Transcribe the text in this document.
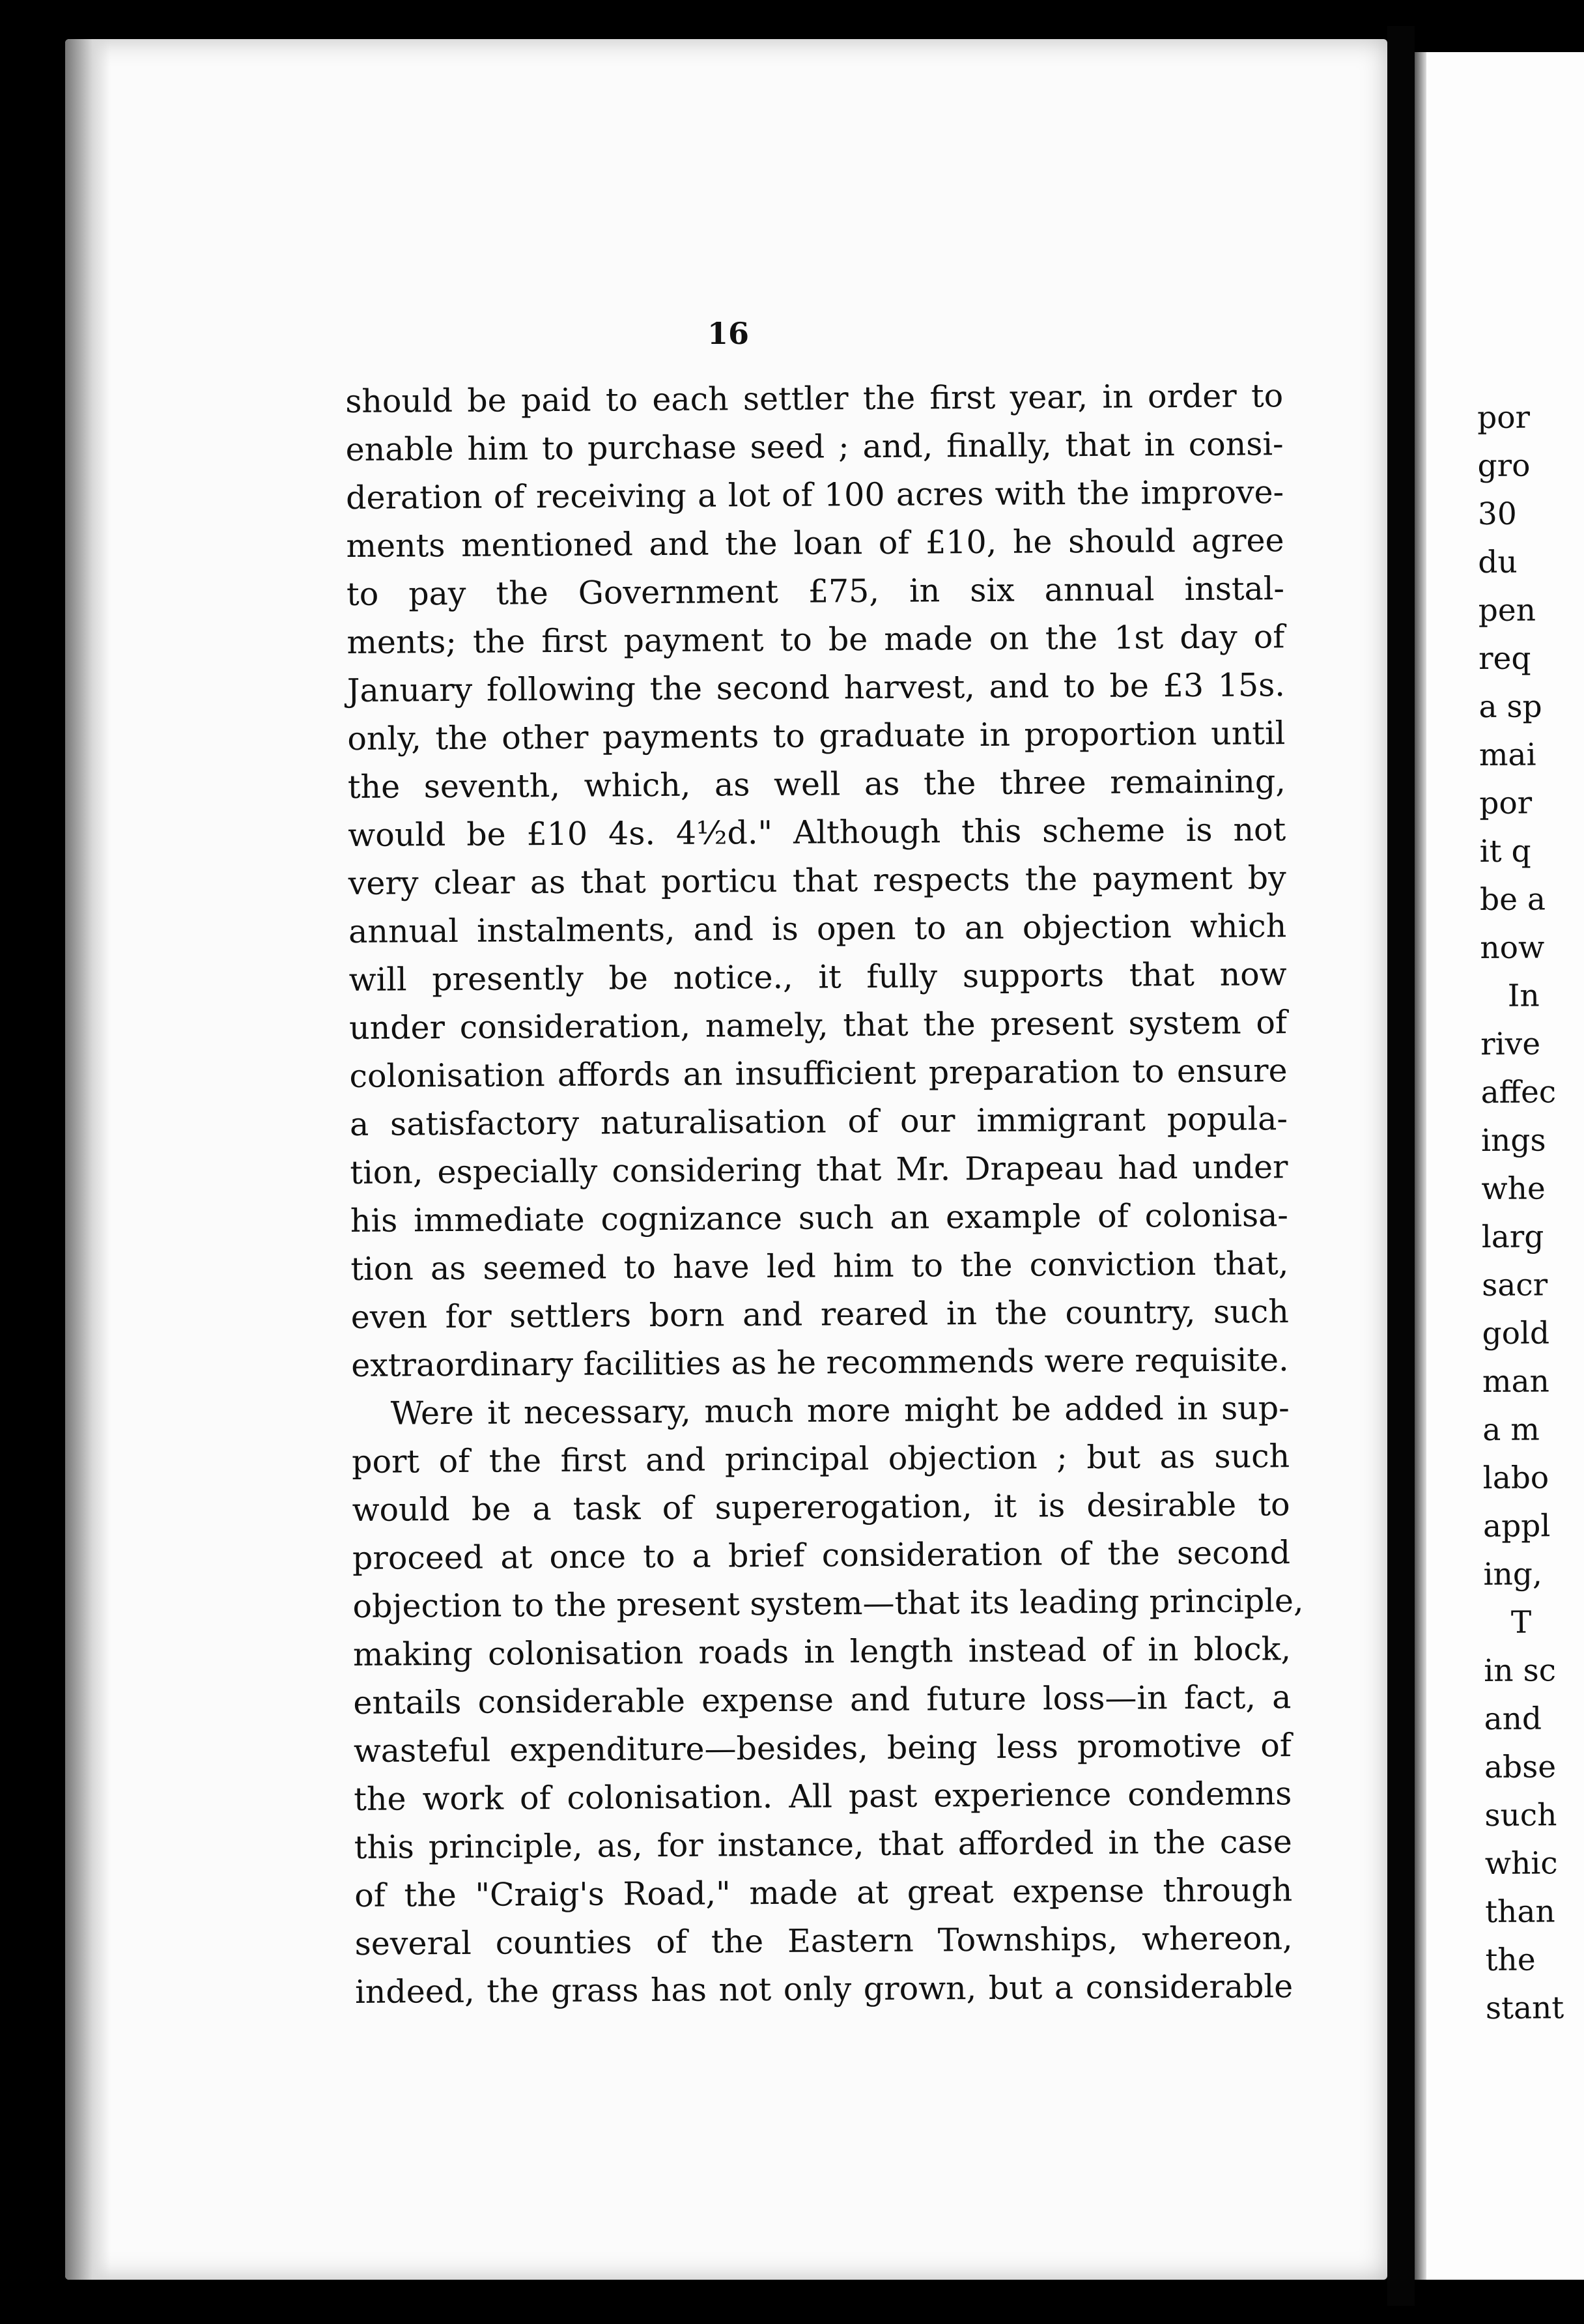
16
should be paid to each settler the first year, in order to
enable him to purchase seed ; and, finally, that in consi-
deration of receiving a lot of 100 acres with the improve-
ments mentioned and the loan of £10, he should agree
to pay the Government £75, in six annual instal-
ments; the first payment to be made on the 1st day of
January following the second harvest, and to be £3 15s.
only, the other payments to graduate in proportion until
the seventh, which, as well as the three remaining,
would be £10 4s. 4½d." Although this scheme is not
very clear as that porticu that respects the payment by
annual instalments, and is open to an objection which
will presently be notice., it fully supports that now
under consideration, namely, that the present system of
colonisation affords an insufficient preparation to ensure
a satisfactory naturalisation of our immigrant popula-
tion, especially considering that Mr. Drapeau had under
his immediate cognizance such an example of colonisa-
tion as seemed to have led him to the conviction that,
even for settlers born and reared in the country, such
extraordinary facilities as he recommends were requisite.
Were it necessary, much more might be added in sup-
port of the first and principal objection ; but as such
would be a task of supererogation, it is desirable to
proceed at once to a brief consideration of the second
objection to the present system—that its leading principle,
making colonisation roads in length instead of in block,
entails considerable expense and future loss—in fact, a
wasteful expenditure—besides, being less promotive of
the work of colonisation. All past experience condemns
this principle, as, for instance, that afforded in the case
of the "Craig's Road," made at great expense through
several counties of the Eastern Townships, whereon,
indeed, the grass has not only grown, but a considerable
por
gro
30
du
pen
req
a sp
mai
por
it q
be a
now
In
rive
affec
ings
whe
larg
sacr
gold
man
a m
labo
appl
ing,
T
in sc
and
abse
such
whic
than
the
stant
